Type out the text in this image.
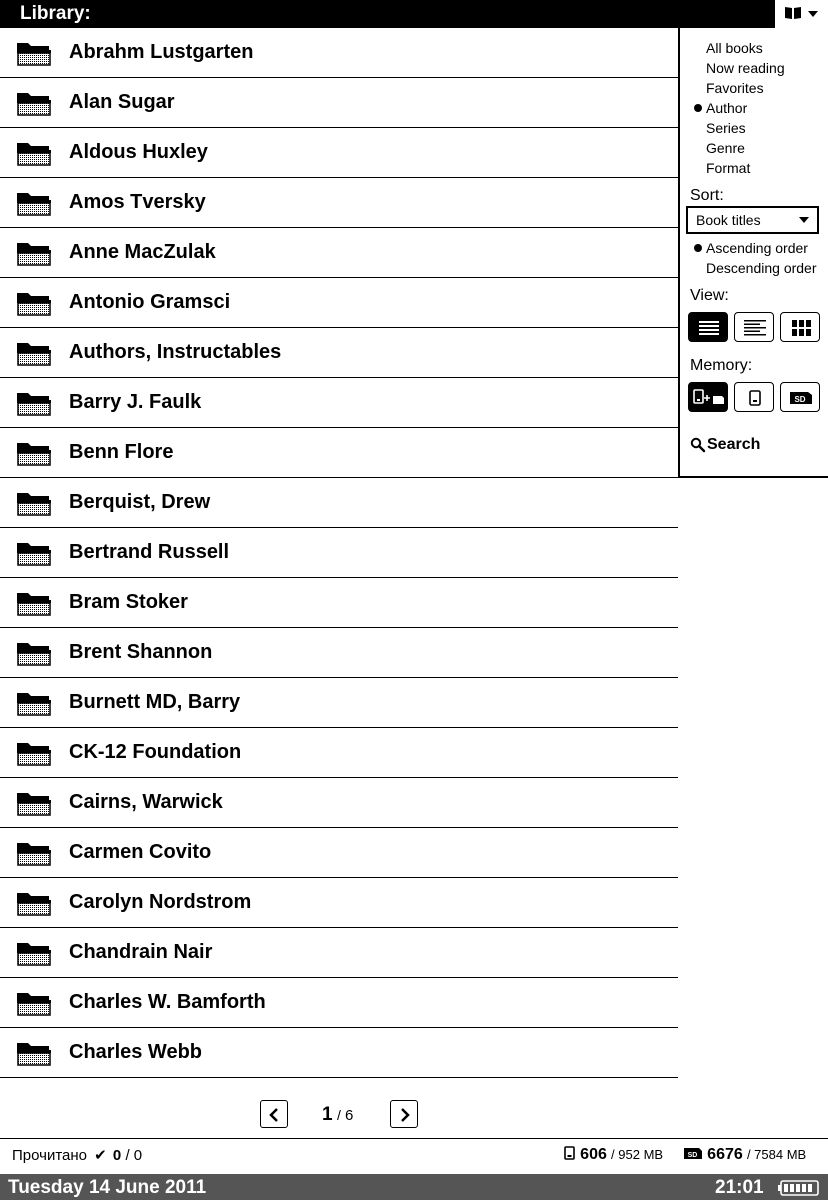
Library:
Abrahm Lustgarten
Alan Sugar
Aldous Huxley
Amos Tversky
Anne MacZulak
Antonio Gramsci
Authors, Instructables
Barry J. Faulk
Benn Flore
Berquist, Drew
Bertrand Russell
Bram Stoker
Brent Shannon
Burnett MD, Barry
CK-12 Foundation
Cairns, Warwick
Carmen Covito
Carolyn Nordstrom
Chandrain Nair
Charles W. Bamforth
Charles Webb
All books
Now reading
Favorites
Author
Series
Genre
Format
Sort:
Book titles
Ascending order
Descending order
View:
Memory:
SD
Search
1 / 6
Прочитано ✔ 0 / 0	606 / 952 MB	SD 6676 / 7584 MB
Tuesday 14 June 2011	21:01
